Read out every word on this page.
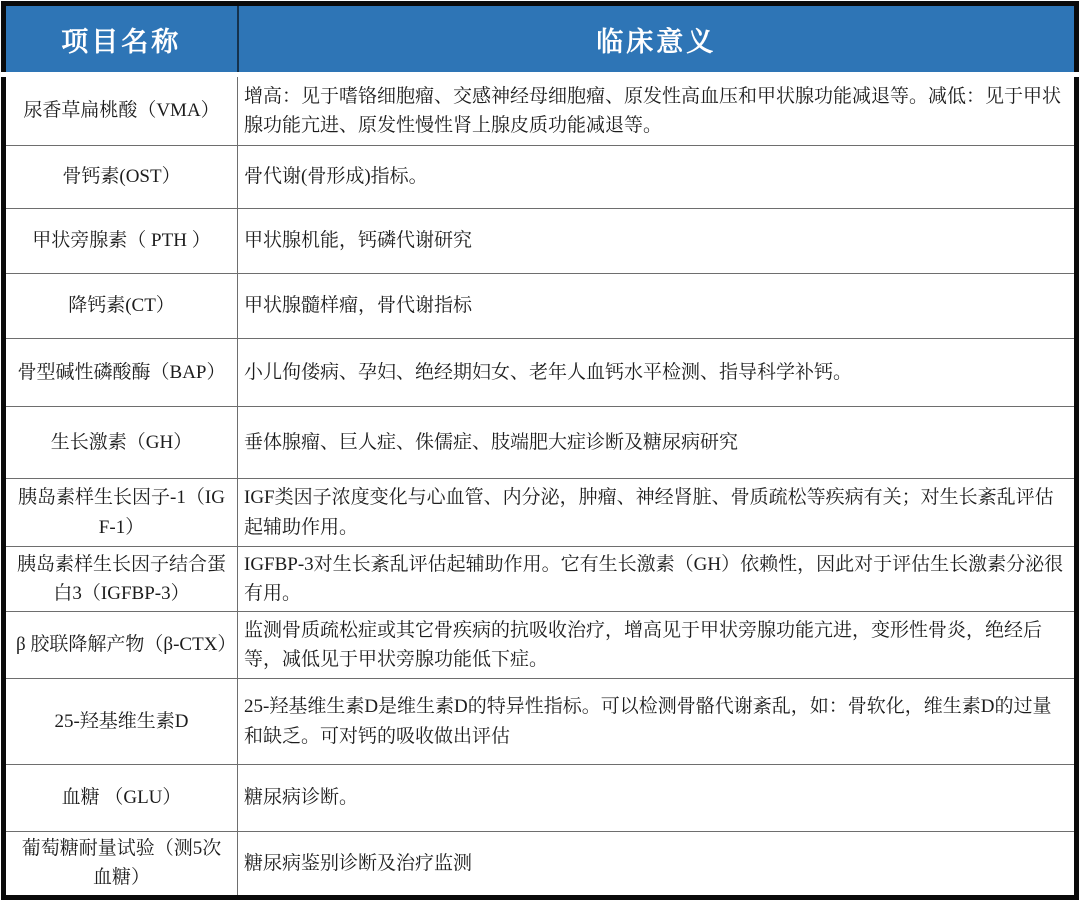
项目名称	临床意义
尿香草扁桃酸（VMA）	增高：见于嗜铬细胞瘤、交感神经母细胞瘤、原发性高血压和甲状腺功能减退等。减低：见于甲状腺功能亢进、原发性慢性肾上腺皮质功能减退等。
骨钙素(OST）	骨代谢(骨形成)指标。
甲状旁腺素（ PTH ）	甲状腺机能，钙磷代谢研究
降钙素(CT）	甲状腺髓样瘤，骨代谢指标
骨型碱性磷酸酶（BAP）	小儿佝偻病、孕妇、绝经期妇女、老年人血钙水平检测、指导科学补钙。
生长激素（GH）	垂体腺瘤、巨人症、侏儒症、肢端肥大症诊断及糖尿病研究
胰岛素样生长因子-1（IGF-1）	IGF类因子浓度变化与心血管、内分泌，肿瘤、神经肾脏、骨质疏松等疾病有关；对生长紊乱评估起辅助作用。
胰岛素样生长因子结合蛋白3（IGFBP-3）	IGFBP-3对生长紊乱评估起辅助作用。它有生长激素（GH）依赖性，因此对于评估生长激素分泌很有用。
β 胶联降解产物（β-CTX）	监测骨质疏松症或其它骨疾病的抗吸收治疗，增高见于甲状旁腺功能亢进，变形性骨炎，绝经后等，减低见于甲状旁腺功能低下症。
25-羟基维生素D	25-羟基维生素D是维生素D的特异性指标。可以检测骨骼代谢紊乱，如：骨软化，维生素D的过量和缺乏。可对钙的吸收做出评估
血糖 （GLU）	糖尿病诊断。
葡萄糖耐量试验（测5次血糖）	糖尿病鉴别诊断及治疗监测
